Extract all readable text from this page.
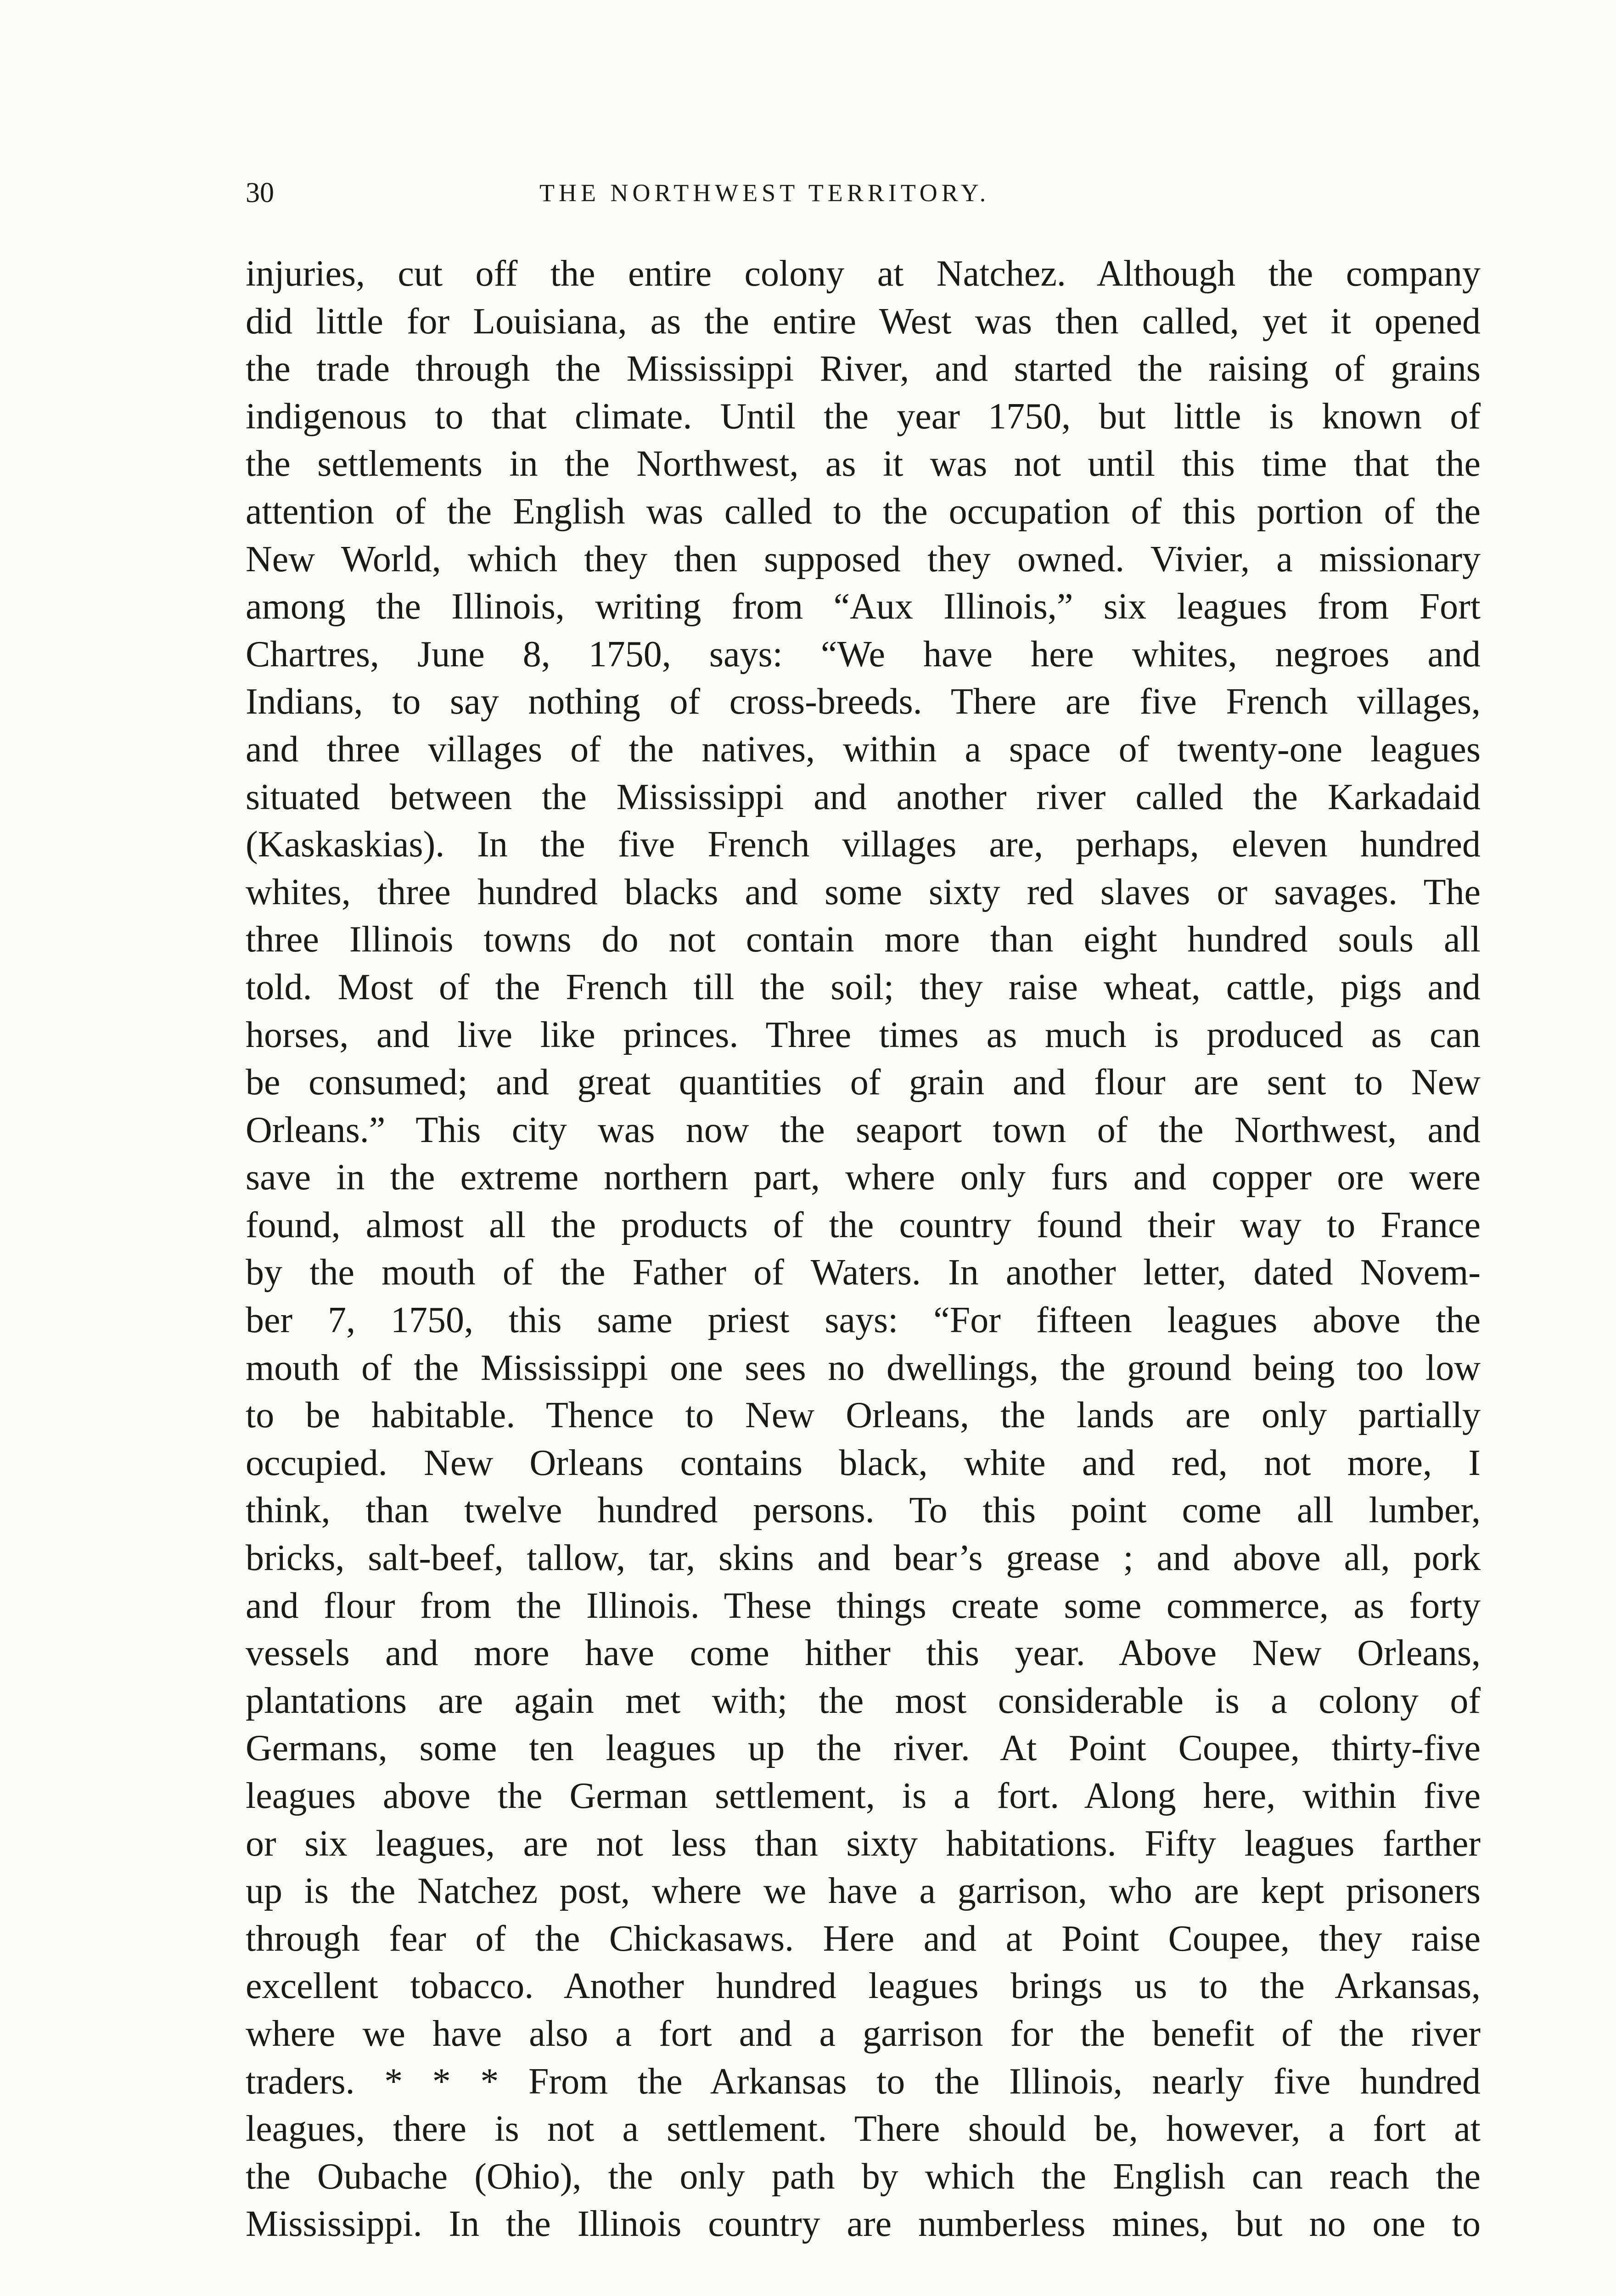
30	THE NORTHWEST TERRITORY.
injuries, cut off the entire colony at Natchez. Although the company
did little for Louisiana, as the entire West was then called, yet it opened
the trade through the Mississippi River, and started the raising of grains
indigenous to that climate. Until the year 1750, but little is known of
the settlements in the Northwest, as it was not until this time that the
attention of the English was called to the occupation of this portion of the
New World, which they then supposed they owned. Vivier, a missionary
among the Illinois, writing from “Aux Illinois,” six leagues from Fort
Chartres, June 8, 1750, says: “We have here whites, negroes and
Indians, to say nothing of cross-breeds. There are five French villages,
and three villages of the natives, within a space of twenty-one leagues
situated between the Mississippi and another river called the Karkadaid
(Kaskaskias). In the five French villages are, perhaps, eleven hundred
whites, three hundred blacks and some sixty red slaves or savages. The
three Illinois towns do not contain more than eight hundred souls all
told. Most of the French till the soil; they raise wheat, cattle, pigs and
horses, and live like princes. Three times as much is produced as can
be consumed; and great quantities of grain and flour are sent to New
Orleans.” This city was now the seaport town of the Northwest, and
save in the extreme northern part, where only furs and copper ore were
found, almost all the products of the country found their way to France
by the mouth of the Father of Waters. In another letter, dated Novem-
ber 7, 1750, this same priest says: “For fifteen leagues above the
mouth of the Mississippi one sees no dwellings, the ground being too low
to be habitable. Thence to New Orleans, the lands are only partially
occupied. New Orleans contains black, white and red, not more, I
think, than twelve hundred persons. To this point come all lumber,
bricks, salt-beef, tallow, tar, skins and bear’s grease ; and above all, pork
and flour from the Illinois. These things create some commerce, as forty
vessels and more have come hither this year. Above New Orleans,
plantations are again met with; the most considerable is a colony of
Germans, some ten leagues up the river. At Point Coupee, thirty-five
leagues above the German settlement, is a fort. Along here, within five
or six leagues, are not less than sixty habitations. Fifty leagues farther
up is the Natchez post, where we have a garrison, who are kept prisoners
through fear of the Chickasaws. Here and at Point Coupee, they raise
excellent tobacco. Another hundred leagues brings us to the Arkansas,
where we have also a fort and a garrison for the benefit of the river
traders. * * * From the Arkansas to the Illinois, nearly five hundred
leagues, there is not a settlement. There should be, however, a fort at
the Oubache (Ohio), the only path by which the English can reach the
Mississippi. In the Illinois country are numberless mines, but no one to
